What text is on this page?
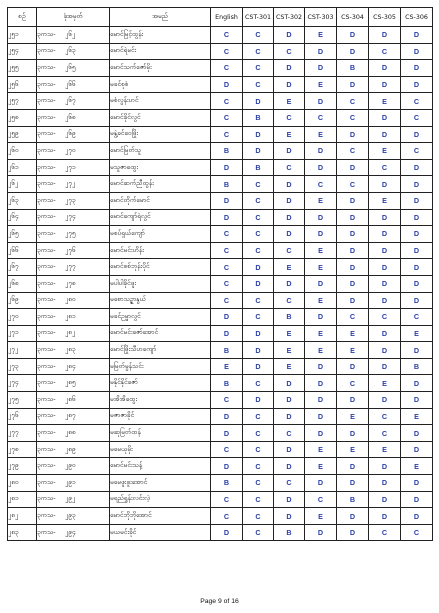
စဥ်	ခုံအမှတ်	အမည်	English	CST-301	CST-302	CST-303	CS-304	CS-305	CS-306
၂၅၁	၃ကသ- ၂၆၂	မောင်မြင့်ထွန်း	C	C	D	E	D	D	D
၂၅၄	၃ကသ- ၂၆၃	မောင်ရဲမင်း	C	C	C	D	D	C	D
၂၅၅	၃ကသ- ၂၆၅	မောင်သက်ဇော်မိုး	C	C	D	D	B	D	D
၂၅၆	၃ကသ- ၂၆၆	မခင်စုစံ	D	C	D	E	D	D	D
၂၅၇	၃ကသ- ၂၆၇	မစံလွန်းဟင်	C	D	E	D	C	E	C
၂၅၈	၃ကသ- ၂၆၈	မောင်ခိုင်လွင်	C	B	C	C	C	D	C
၂၅၉	၃ကသ- ၂၆၉	မနွဲ့ခင်ဝေဖြိုး	C	D	E	E	D	D	D
၂၆၀	၃ကသ- ၂၇၀	မောင်မြတ်သူ	B	D	D	D	C	E	C
၂၆၁	၃ကသ- ၂၇၁	မသူဇာထွေး	D	B	C	D	D	C	D
၂၆၂	၃ကသ- ၂၇၂	မောင်ဆက်ညီထွန်း	B	C	D	C	C	D	D
၂၆၃	၃ကသ- ၂၇၃	မောင်တိုက်မောင်	D	C	D	E	D	E	D
၂၆၄	၃ကသ- ၂၇၄	မောင်ကျော်ရဲလွင်	D	C	D	D	D	D	D
၂၆၅	၃ကသ- ၂၇၅	မစပ်ရှယ်ကျော်	C	C	D	D	D	D	D
၂၆၆	၃ကသ- ၂၇၆	မောင်မင်းဟိန်း	C	C	C	E	D	D	D
၂၆၇	၃ကသ- ၂၇၇	မောင်စစ်ဘုန်းပိုင်	C	D	E	E	D	D	D
၂၆၈	၃ကသ- ၂၇၈	မပါပါခိုင်ဖူး	C	D	D	D	D	D	D
၂၆၉	၃ကသ- ၂၈၀	မစောသဉ္ဇာနွယ်	C	C	C	E	D	D	D
၂၇၀	၃ကသ- ၂၈၁	မခင်ဥမ္မာလွင်	D	C	B	D	C	C	C
၂၇၁	၃ကသ- ၂၈၂	မောင်မင်းဇော်အောင်	D	D	E	E	E	D	E
၂၇၂	၃ကသ- ၂၈၃	မောင်ဖြိုးသီဟကျော်	B	D	E	E	E	D	D
၂၇၃	၃ကသ- ၂၈၄	မမြတ်မွန်သင်း	E	D	E	D	D	D	B
၂၇၄	၃ကသ- ၂၈၅	မနိုင်နိုင်ဇော်	B	C	D	D	C	E	D
၂၇၅	၃ကသ- ၂၈၆	မအိအိထွေး	C	D	D	D	D	D	D
၂၇၆	၃ကသ- ၂၈၇	မဇာဇာခိုင်	D	C	D	D	E	C	E
၂၇၇	၃ကသ- ၂၈၈	မဆုမြတ်ထန်	D	C	C	D	D	C	D
၂၇၈	၃ကသ- ၂၈၉	မမေယုမိုး	C	C	D	E	E	E	D
၂၇၉	၃ကသ- ၂၉၀	မောင်မင်းသန့်	D	C	D	E	D	D	E
၂၈၀	၃ကသ- ၂၉၁	မမေဖူးဖူးအောင်	B	C	C	D	D	D	D
၂၈၁	၃ကသ- ၂၉၂	မရည်ရွှန်းလင်းလဲ့	C	C	D	C	B	D	D
၂၈၂	၃ကသ- ၂၉၃	မောင်ဘိုဘိုအောင်	C	C	D	E	D	D	D
၂၈၃	၃ကသ- ၂၉၄	မယမင်းခိုင်	D	C	B	D	D	C	C
Page 9 of 16
